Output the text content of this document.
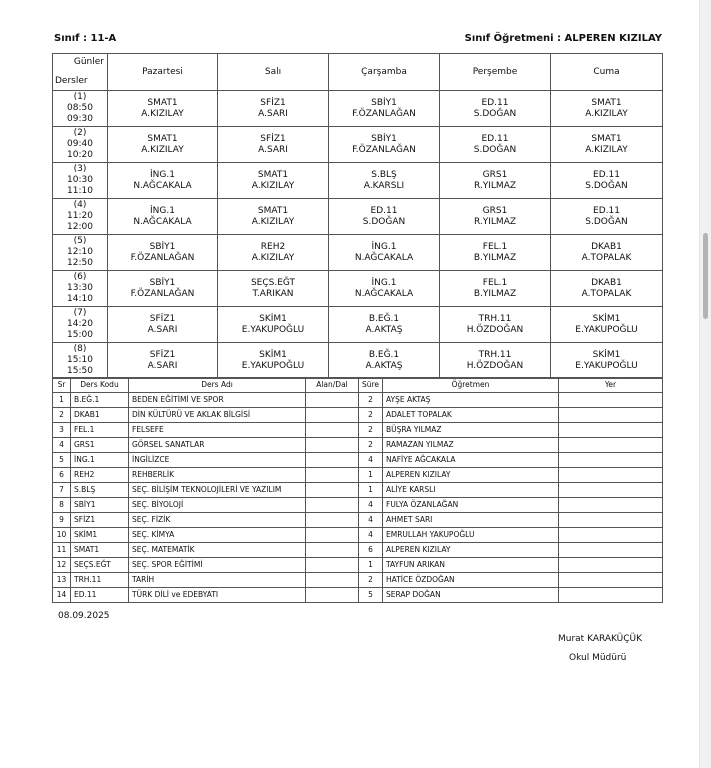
Sınıf : 11-A	Sınıf Öğretmeni : ALPEREN KIZILAY
Günler
Dersler
	Pazartesi	Salı	Çarşamba	Perşembe	Cuma

(1)
08:50
09:30

SMAT1
A.KIZILAY

SFİZ1
A.SARI

SBİY1
F.ÖZANLAĞAN

ED.11
S.DOĞAN

SMAT1
A.KIZILAY

(2)
09:40
10:20

SMAT1
A.KIZILAY

SFİZ1
A.SARI

SBİY1
F.ÖZANLAĞAN

ED.11
S.DOĞAN

SMAT1
A.KIZILAY

(3)
10:30
11:10

İNG.1
N.AĞCAKALA

SMAT1
A.KIZILAY

S.BLŞ
A.KARSLI

GRS1
R.YILMAZ

ED.11
S.DOĞAN

(4)
11:20
12:00

İNG.1
N.AĞCAKALA

SMAT1
A.KIZILAY

ED.11
S.DOĞAN

GRS1
R.YILMAZ

ED.11
S.DOĞAN

(5)
12:10
12:50

SBİY1
F.ÖZANLAĞAN

REH2
A.KIZILAY

İNG.1
N.AĞCAKALA

FEL.1
B.YILMAZ

DKAB1
A.TOPALAK

(6)
13:30
14:10

SBİY1
F.ÖZANLAĞAN

SEÇS.EĞT
T.ARIKAN

İNG.1
N.AĞCAKALA

FEL.1
B.YILMAZ

DKAB1
A.TOPALAK

(7)
14:20
15:00

SFİZ1
A.SARI

SKİM1
E.YAKUPOĞLU

B.EĞ.1
A.AKTAŞ

TRH.11
H.ÖZDOĞAN

SKİM1
E.YAKUPOĞLU

(8)
15:10
15:50

SFİZ1
A.SARI

SKİM1
E.YAKUPOĞLU

B.EĞ.1
A.AKTAŞ

TRH.11
H.ÖZDOĞAN

SKİM1
E.YAKUPOĞLU
Sr	Ders Kodu	Ders Adı	Alan/Dal	Süre	Öğretmen	Yer
1	B.EĞ.1	BEDEN EĞİTİMİ VE SPOR		2	AYŞE AKTAŞ	
2	DKAB1	DİN KÜLTÜRÜ VE AKLAK BİLGİSİ		2	ADALET TOPALAK	
3	FEL.1	FELSEFE		2	BÜŞRA YILMAZ	
4	GRS1	GÖRSEL SANATLAR		2	RAMAZAN YILMAZ	
5	İNG.1	İNGİLİZCE		4	NAFİYE AĞCAKALA	
6	REH2	REHBERLİK		1	ALPEREN KIZILAY	
7	S.BLŞ	SEÇ. BİLİŞİM TEKNOLOJİLERİ VE YAZILIM		1	ALİYE KARSLI	
8	SBİY1	SEÇ. BİYOLOJİ		4	FULYA ÖZANLAĞAN	
9	SFİZ1	SEÇ. FİZİK		4	AHMET SARI	
10	SKİM1	SEÇ. KİMYA		4	EMRULLAH YAKUPOĞLU	
11	SMAT1	SEÇ. MATEMATİK		6	ALPEREN KIZILAY	
12	SEÇS.EĞT	SEÇ. SPOR EĞİTİMİ		1	TAYFUN ARIKAN	
13	TRH.11	TARİH		2	HATİCE ÖZDOĞAN	
14	ED.11	TÜRK DİLİ ve EDEBYATI		5	SERAP DOĞAN	
08.09.2025
Murat KARAKÜÇÜK
Okul Müdürü
